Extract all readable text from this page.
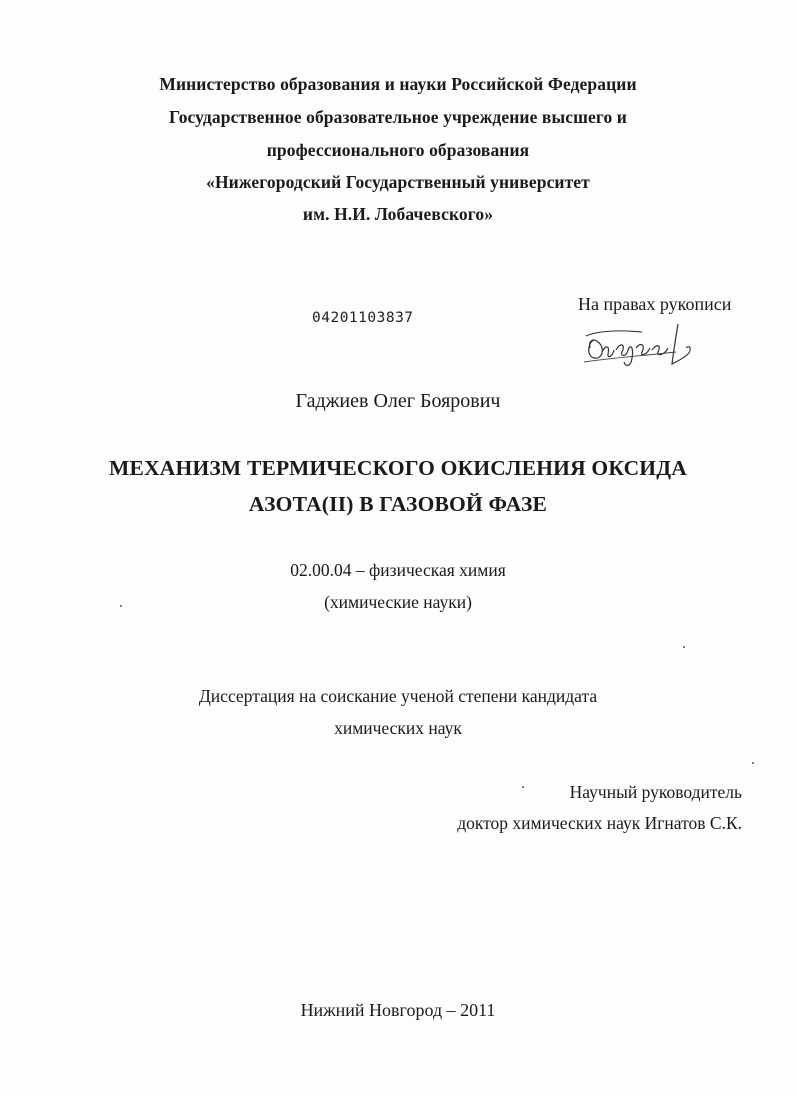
Министерство образования и науки Российской Федерации
Государственное образовательное учреждение высшего и
профессионального образования
«Нижегородский Государственный университет
им. Н.И. Лобачевского»
04201103837
На правах рукописи
Гаджиев Олег Боярович
МЕХАНИЗМ ТЕРМИЧЕСКОГО ОКИСЛЕНИЯ ОКСИДА
АЗОТА(II) В ГАЗОВОЙ ФАЗЕ
02.00.04 – физическая химия
(химические науки)
Диссертация на соискание ученой степени кандидата
химических наук
Научный руководитель
доктор химических наук Игнатов С.К.
Нижний Новгород – 2011
